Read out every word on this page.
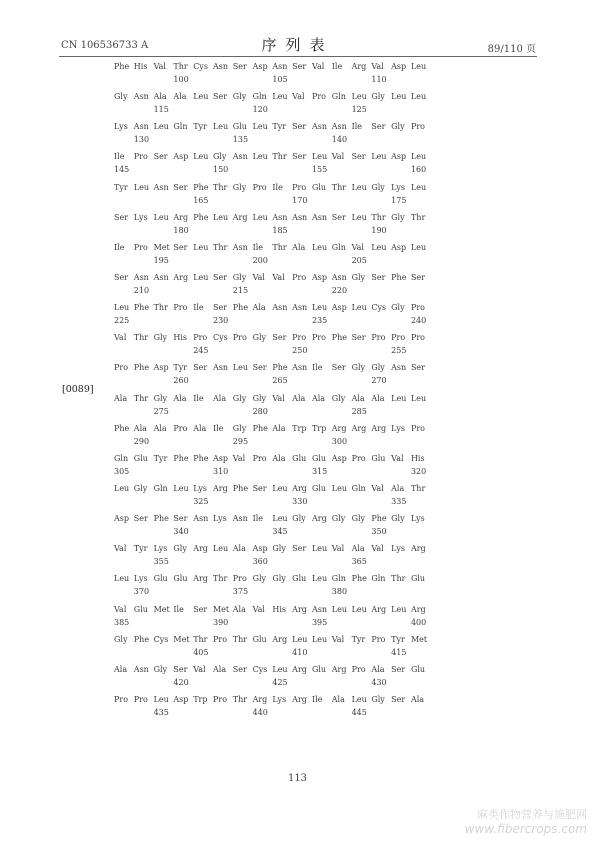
CN 106536733 A	序列表	89/110 页
[0089]
Phe His Val Thr Cys Asn Ser Asp Asn Ser Val Ile	Arg Val Asp Leu
100	105	110
Gly Asn Ala Ala Leu Ser Gly Gln Leu Val Pro Gln Leu Gly Leu Leu
115	120	125
Lys Asn Leu Gln Tyr Leu Glu Leu Tyr Ser Asn Asn Ile	Ser Gly Pro
130	135	140
Ile	Pro Ser Asp Leu Gly Asn Leu Thr Ser Leu Val Ser Leu Asp Leu
145	150	155	160
Tyr Leu Asn Ser Phe Thr Gly Pro Ile	Pro Glu Thr Leu Gly Lys Leu
165	170	175
Ser Lys Leu Arg Phe Leu Arg Leu Asn Asn Asn Ser Leu Thr Gly Thr
180	185	190
Ile	Pro Met Ser Leu Thr Asn Ile	Thr Ala Leu Gln Val Leu Asp Leu
195	200	205
Ser Asn Asn Arg Leu Ser Gly Val Val Pro Asp Asn Gly Ser Phe Ser
210	215	220
Leu Phe Thr Pro Ile	Ser Phe Ala Asn Asn Leu Asp Leu Cys Gly Pro
225	230	235	240
Val Thr Gly His Pro Cys Pro Gly Ser Pro Pro Phe Ser Pro Pro Pro
245	250	255
Pro Phe Asp Tyr Ser Asn Leu Ser Phe Asn Ile	Ser Gly Gly Asn Ser
260	265	270
Ala Thr Gly Ala Ile	Ala Gly Gly Val Ala Ala Gly Ala Ala Leu Leu
275	280	285
Phe Ala Ala Pro Ala Ile	Gly Phe Ala Trp Trp Arg Arg Arg Lys Pro
290	295	300
Gln Glu Tyr Phe Phe Asp Val Pro Ala Glu Glu Asp Pro Glu Val His
305	310	315	320
Leu Gly Gln Leu Lys Arg Phe Ser Leu Arg Glu Leu Gln Val Ala Thr
325	330	335
Asp Ser Phe Ser Asn Lys Asn Ile	Leu Gly Arg Gly Gly Phe Gly Lys
340	345	350
Val Tyr Lys Gly Arg Leu Ala Asp Gly Ser Leu Val Ala Val Lys Arg
355	360	365
Leu Lys Glu Glu Arg Thr Pro Gly Gly Glu Leu Gln Phe Gln Thr Glu
370	375	380
Val Glu Met Ile	Ser Met Ala Val His Arg Asn Leu Leu Arg Leu Arg
385	390	395	400
Gly Phe Cys Met Thr Pro Thr Glu Arg Leu Leu Val Tyr Pro Tyr Met
405	410	415
Ala Asn Gly Ser Val Ala Ser Cys Leu Arg Glu Arg Pro Ala Ser Glu
420	425	430
Pro Pro Leu Asp Trp Pro Thr Arg Lys Arg Ile	Ala Leu Gly Ser Ala
435	440	445
113
麻类作物营养与施肥网
www.fibercrops.com
